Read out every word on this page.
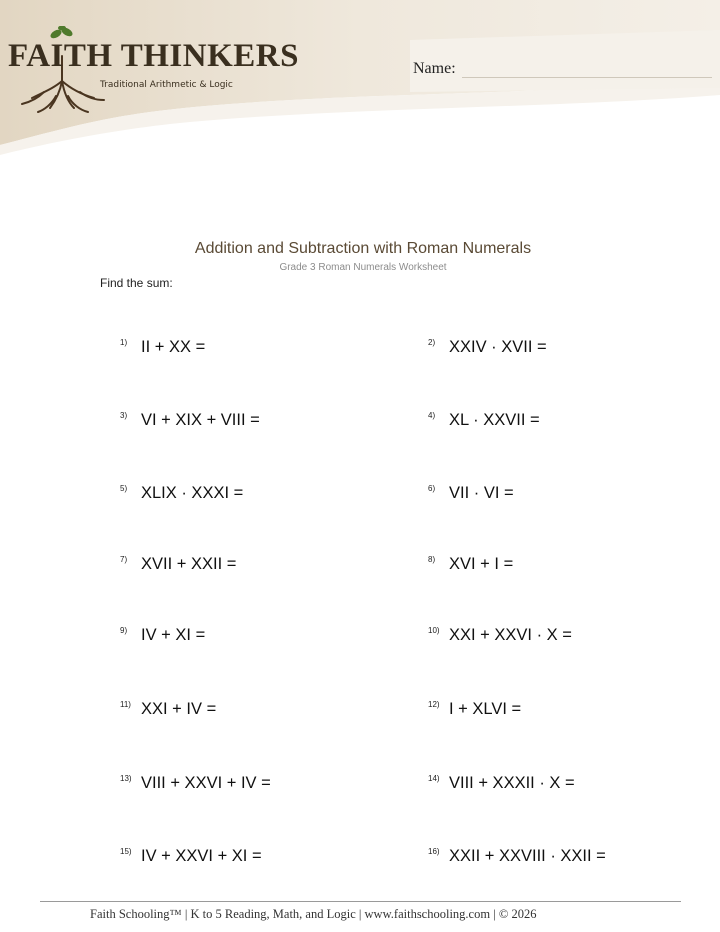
FAITH THINKERS
Traditional Arithmetic & Logic
Name:
Addition and Subtraction with Roman Numerals
Grade 3 Roman Numerals Worksheet
Find the sum:
1) II + XX =	2) XXIV · XVII =
3) VI + XIX + VIII =	4) XL · XXVII =
5) XLIX · XXXI =	6) VII · VI =
7) XVII + XXII =	8) XVI + I =
9) IV + XI =	10) XXI + XXVI · X =
11) XXI + IV =	12) I + XLVI =
13) VIII + XXVI + IV =	14) VIII + XXXII · X =
15) IV + XXVI + XI =	16) XXII + XXVIII · XXII =
Faith Schooling™ | K to 5 Reading, Math, and Logic | www.faithschooling.com | © 2026
